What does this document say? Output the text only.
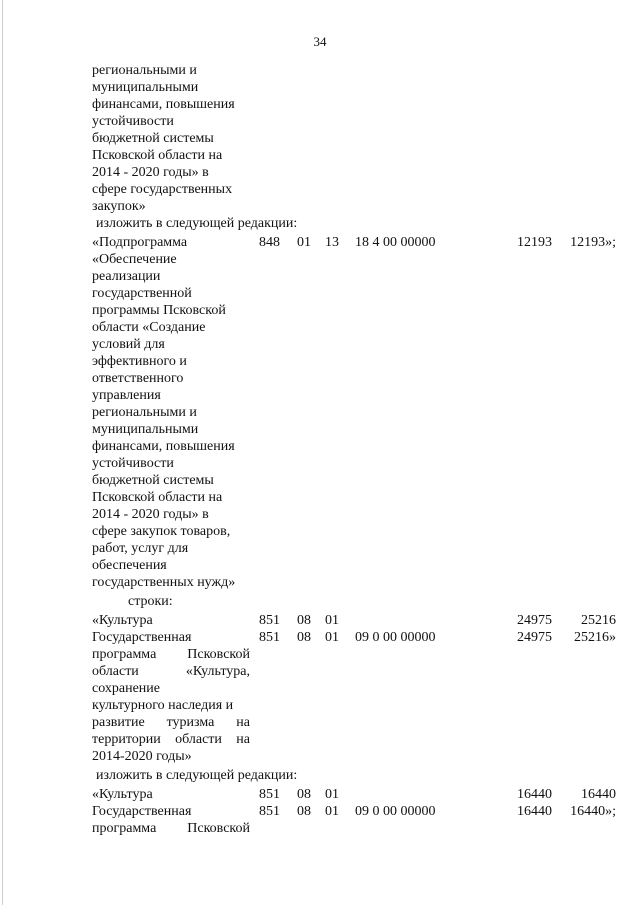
34
региональными и
муниципальными
финансами, повышения
устойчивости
бюджетной системы
Псковской области на
2014 - 2020 годы» в
сфере государственных
закупок»
изложить в следующей редакции:
«Подпрограмма	848 01 13 18 4 00 00000	12193	12193»;
«Обеспечение
реализации
государственной
программы Псковской
области «Создание
условий для
эффективного и
ответственного
управления
региональными и
муниципальными
финансами, повышения
устойчивости
бюджетной системы
Псковской области на
2014 - 2020 годы» в
сфере закупок товаров,
работ, услуг для
обеспечения
государственных нужд»
строки:
«Культура	851 08 01	24975	25216
Государственная	851 08 01 09 0 00 00000	24975	25216»
программа Псковской
области «Культура,
сохранение
культурного наследия и
развитие туризма на
территории области на
2014-2020 годы»
изложить в следующей редакции:
«Культура	851 08 01	16440	16440
Государственная	851 08 01 09 0 00 00000	16440	16440»;
программа Псковской
